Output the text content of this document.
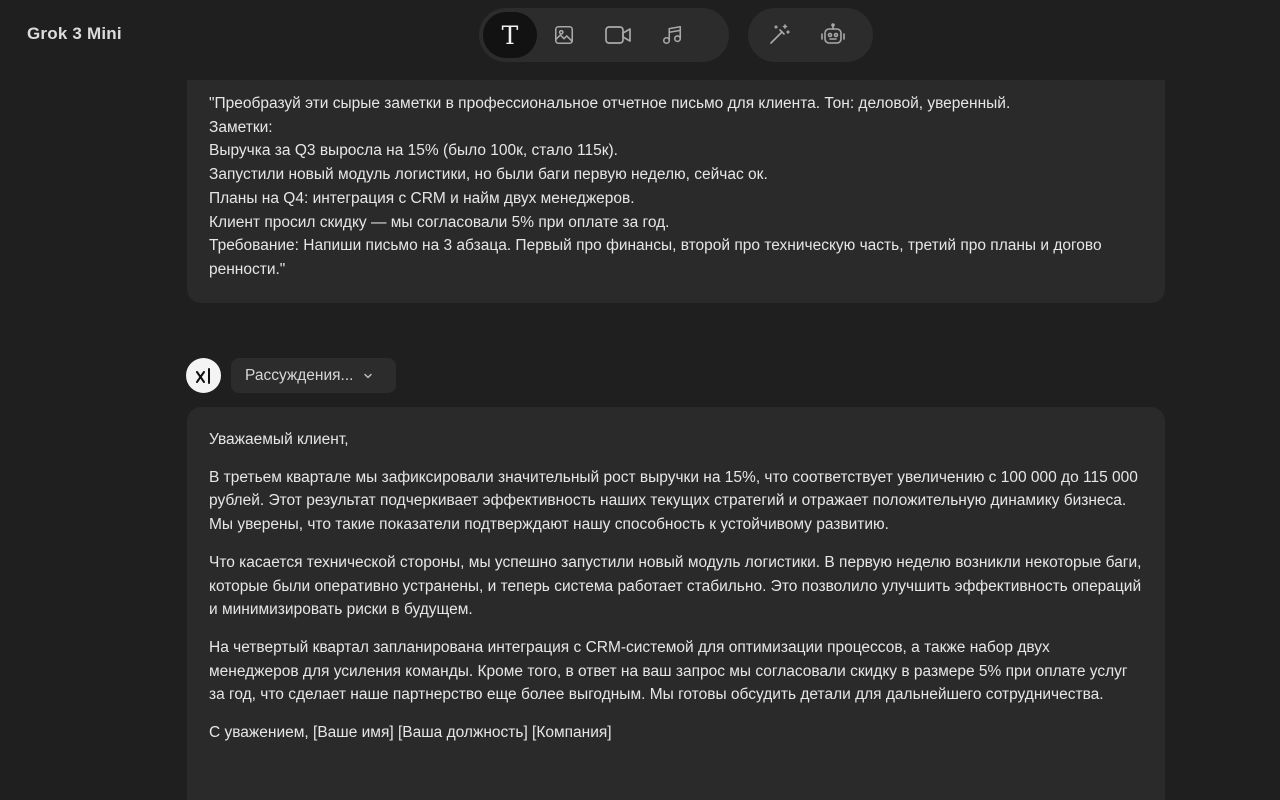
Grok 3 Mini	T

"Преобразуй эти сырые заметки в профессиональное отчетное письмо для клиента. Тон: деловой, уверенный.

Заметки:

Выручка за Q3 выросла на 15% (было 100к, стало 115к).

Запустили новый модуль логистики, но были баги первую неделю, сейчас ок.

Планы на Q4: интеграция с CRM и найм двух менеджеров.

Клиент просил скидку — мы согласовали 5% при оплате за год.

Требование: Напиши письмо на 3 абзаца. Первый про финансы, второй про техническую часть, третий про планы и догово

ренности."

Рассуждения...

Уважаемый клиент,

В третьем квартале мы зафиксировали значительный рост выручки на 15%, что соответствует увеличению с 100 000 до 115 000 рублей. Этот результат подчеркивает эффективность наших текущих стратегий и отражает положительную динамику бизнеса. Мы уверены, что такие показатели подтверждают нашу способность к устойчивому развитию.

Что касается технической стороны, мы успешно запустили новый модуль логистики. В первую неделю возникли некоторые баги, которые были оперативно устранены, и теперь система работает стабильно. Это позволило улучшить эффективность операций и минимизировать риски в будущем.

На четвертый квартал запланирована интеграция с CRM-системой для оптимизации процессов, а также набор двух менеджеров для усиления команды. Кроме того, в ответ на ваш запрос мы согласовали скидку в размере 5% при оплате услуг за год, что сделает наше партнерство еще более выгодным. Мы готовы обсудить детали для дальнейшего сотрудничества.

С уважением, [Ваше имя] [Ваша должность] [Компания]
